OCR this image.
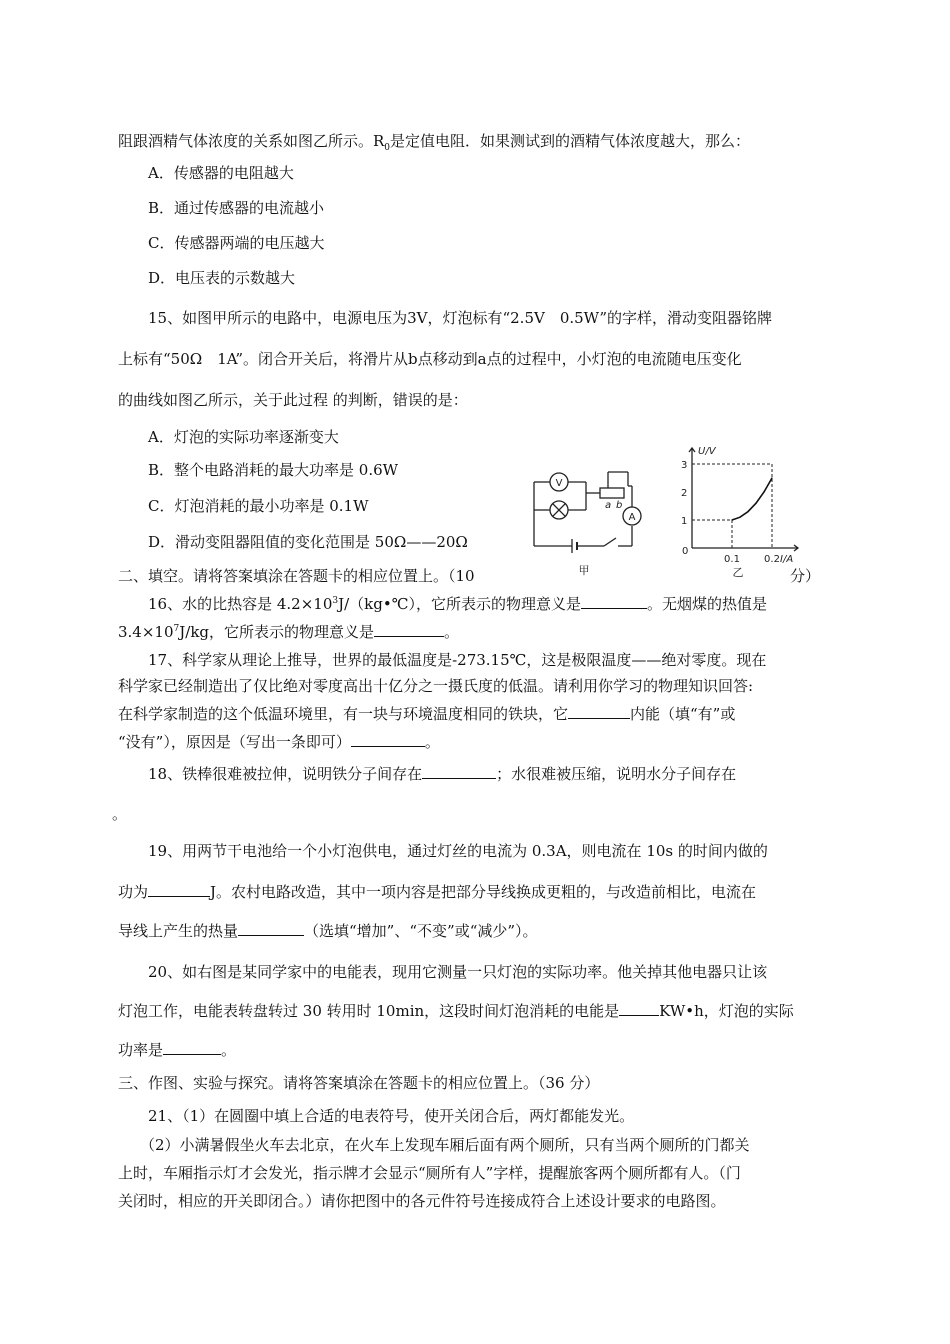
阻跟酒精气体浓度的关系如图乙所示。$R_0$是定值电阻．如果测试到的酒精气体浓度越大，那么：
A．传感器的电阻越大
B．通过传感器的电流越小
C．传感器两端的电压越大
D．电压表的示数越大
15、如图甲所示的电路中，电源电压为3V，灯泡标有“2.5V　0.5W”的字样，滑动变阻器铭牌
上标有“50Ω　1A”。闭合开关后，将滑片从b点移动到a点的过程中，小灯泡的电流随电压变化
的曲线如图乙所示，关于此过程 的判断，错误的是：
A．灯泡的实际功率逐渐变大
B．整个电路消耗的最大功率是 0.6W
C．灯泡消耗的最小功率是 0.1W
D．滑动变阻器阻值的变化范围是 50Ω——20Ω
二、填空。请将答案填涂在答题卡的相应位置上。（10	分）
16、水的比热容是 $4.2\times 10^3J/(kg•℃)$，它所表示的物理意义是	。无烟煤的热值是
$3.4\times 10^7J/kg$，它所表示的物理意义是	。
17、科学家从理论上推导，世界的最低温度是-273.15℃，这是极限温度——绝对零度。现在
科学家已经制造出了仅比绝对零度高出十亿分之一摄氏度的低温。请利用你学习的物理知识回答:
在科学家制造的这个低温环境里，有一块与环境温度相同的铁块，它	内能（填“有”或
“没有”），原因是（写出一条即可）	。
18、铁棒很难被拉伸，说明铁分子间存在	；水很难被压缩，说明水分子间存在
。
19、用两节干电池给一个小灯泡供电，通过灯丝的电流为 0.3A，则电流在 10s 的时间内做的
功为	J。农村电路改造，其中一项内容是把部分导线换成更粗的，与改造前相比，电流在
导线上产生的热量	（选填“增加”、“不变”或“减少”）。
20、如右图是某同学家中的电能表，现用它测量一只灯泡的实际功率。他关掉其他电器只让该
灯泡工作，电能表转盘转过 30 转用时 10min，这段时间灯泡消耗的电能是	KW•h，灯泡的实际
功率是	。
三、作图、实验与探究。请将答案填涂在答题卡的相应位置上。（36 分）
21、（1）在圆圈中填上合适的电表符号，使开关闭合后，两灯都能发光。
（2）小满暑假坐火车去北京，在火车上发现车厢后面有两个厕所，只有当两个厕所的门都关
上时，车厢指示灯才会发光，指示牌才会显示“厕所有人”字样，提醒旅客两个厕所都有人。（门
关闭时，相应的开关即闭合。）请你把图中的各元件符号连接成符合上述设计要求的电路图。
V
A
a b
甲
1
2
3
0.1 0.2
U/V
I/A
0
乙
